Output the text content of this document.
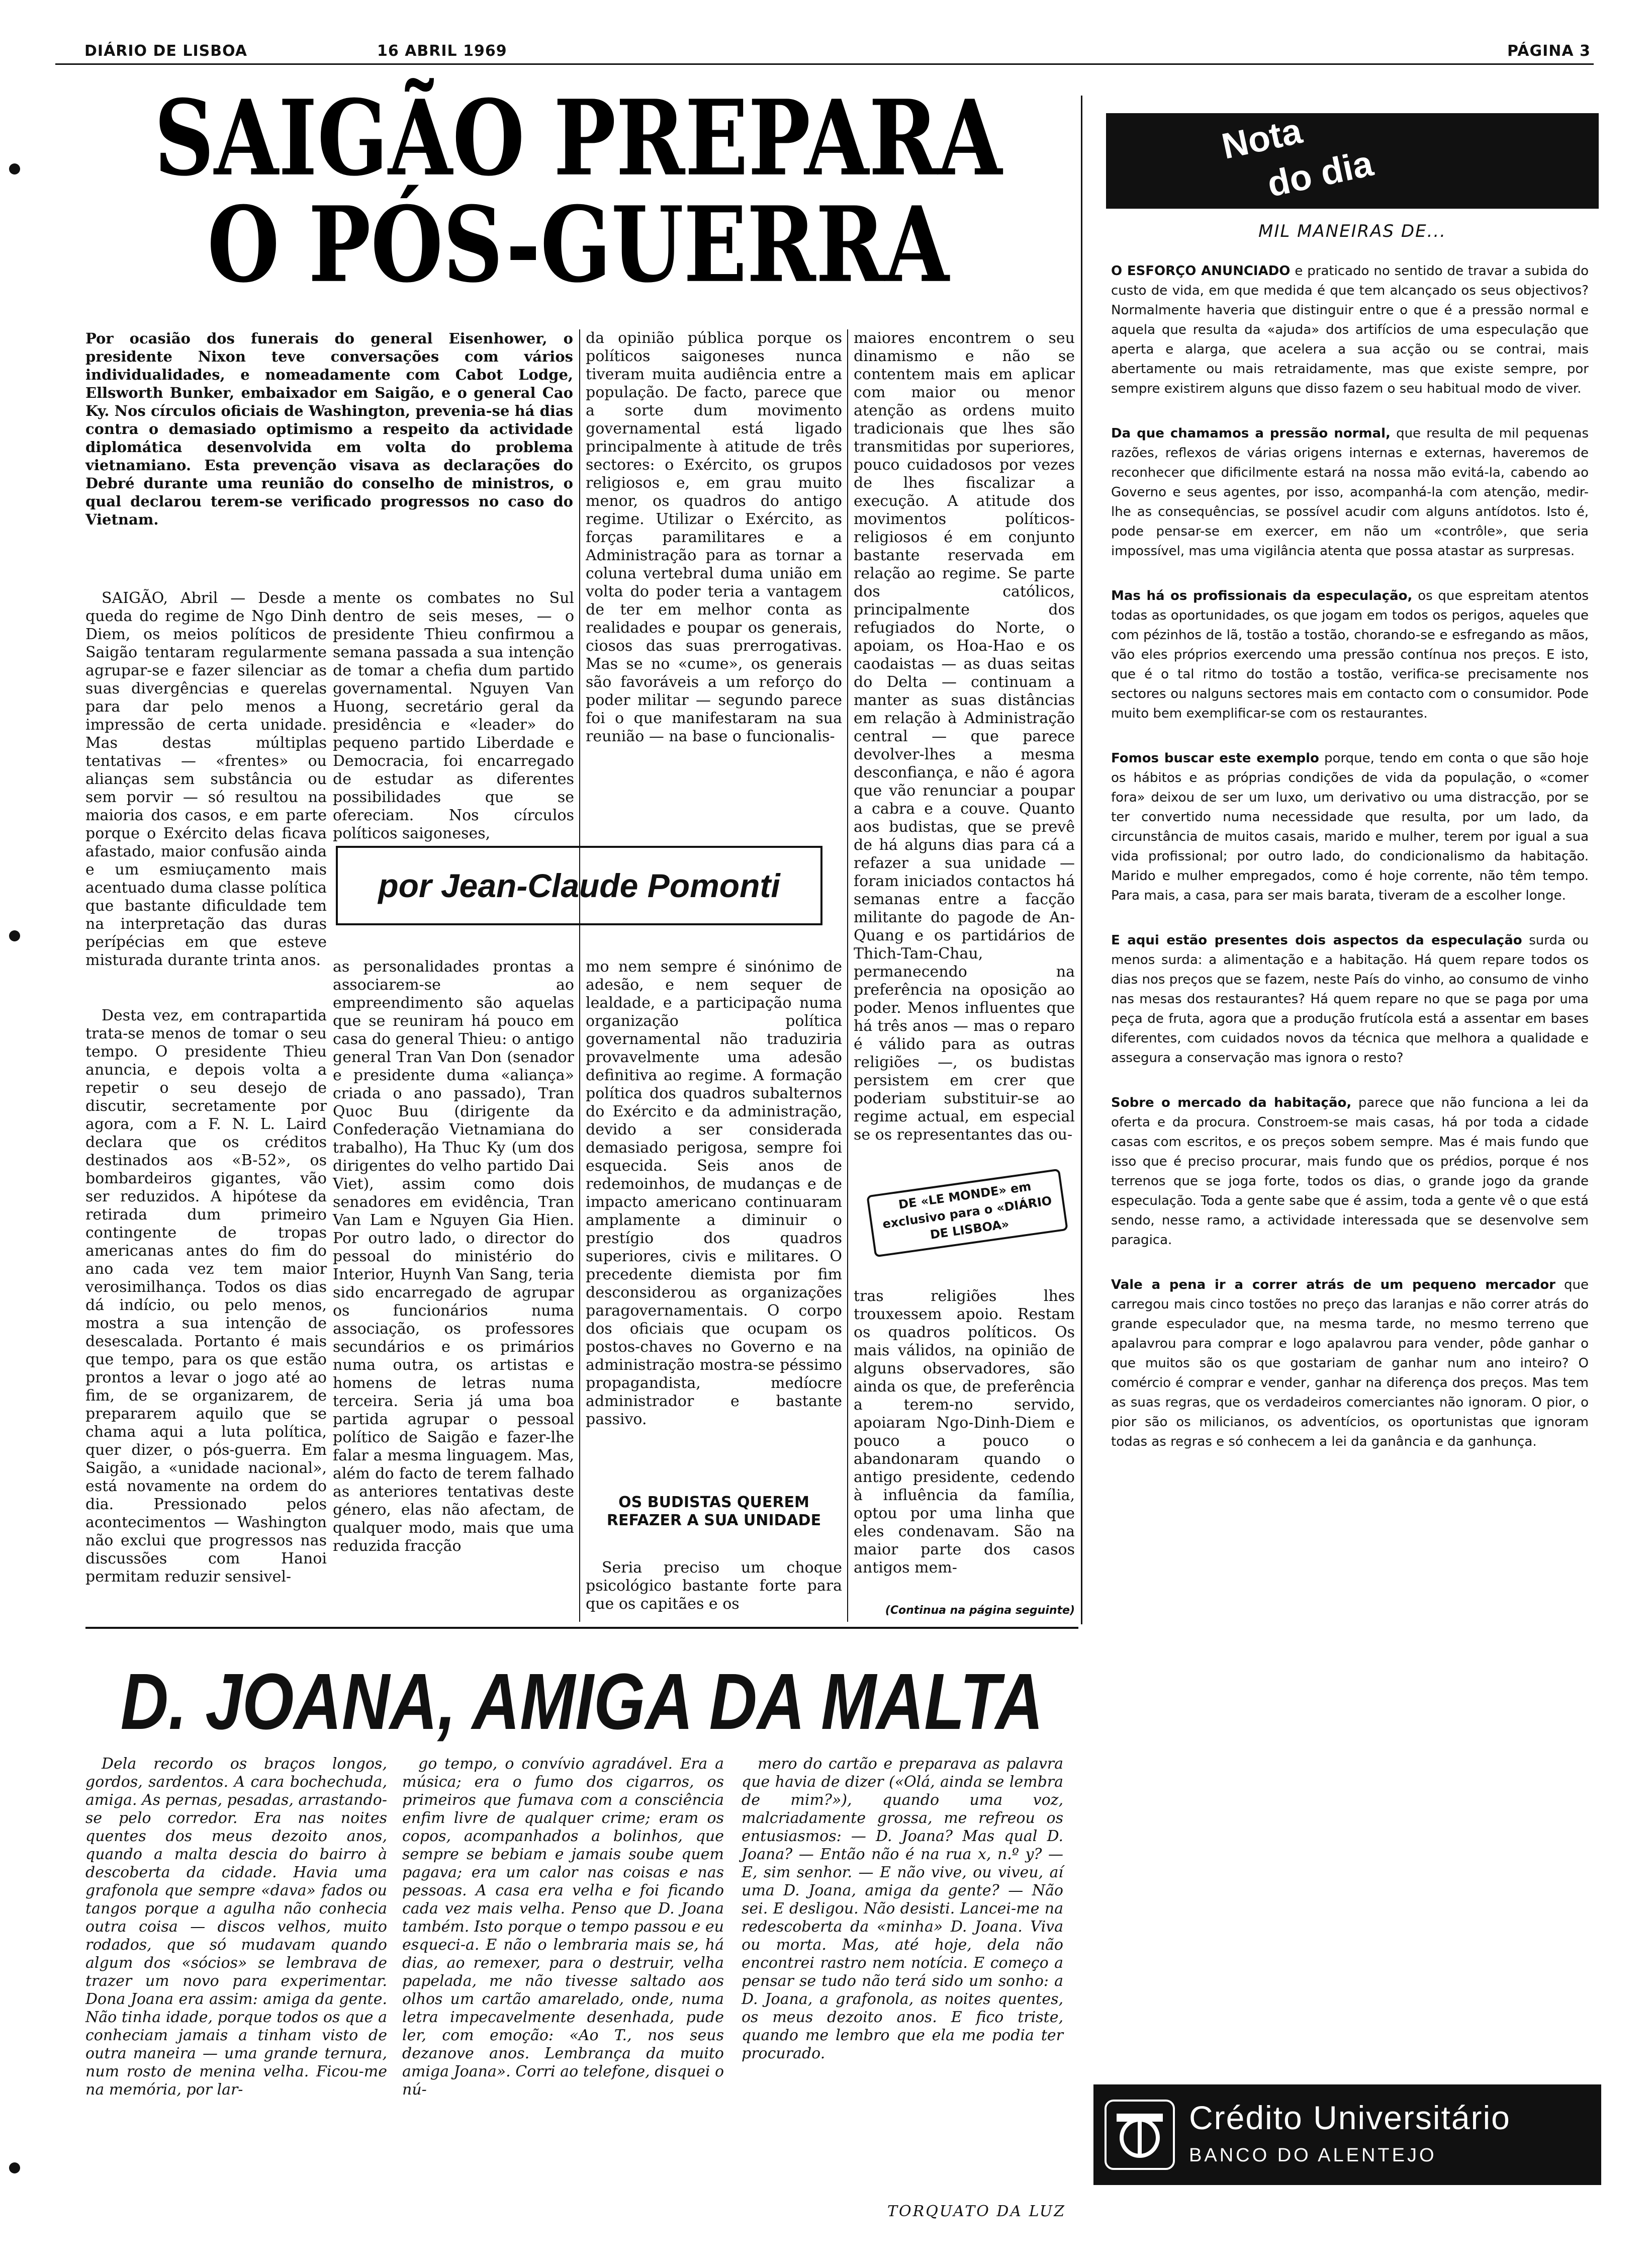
DIÁRIO DE LISBOA	16 ABRIL 1969	PÁGINA 3
SAIGÃO PREPARA
O PÓS-GUERRA
Por ocasião dos funerais do general Eisenhower, o presidente Nixon teve conversações com vários individualidades, e nomeadamente com Cabot Lodge, Ellsworth Bunker, embaixador em Saigão, e o general Cao Ky. Nos círculos oficiais de Washington, prevenia-se há dias contra o demasiado optimismo a respeito da actividade diplomática desenvolvida em volta do problema vietnamiano. Esta prevenção visava as declarações do Debré durante uma reunião do conselho de ministros, o qual declarou terem-se verificado progressos no caso do Vietnam.

SAIGÃO, Abril — Desde a queda do regime de Ngo Dinh Diem, os meios políticos de Saigão tentaram regularmente agrupar-se e fazer silenciar as suas divergências e querelas para dar pelo menos a impressão de certa unidade. Mas destas múltiplas tentativas — «frentes» ou alianças sem substância ou sem porvir — só resultou na maioria dos casos, e em parte porque o Exército delas ficava afastado, maior confusão ainda e um esmiuçamento mais acentuado duma classe política que bastante dificuldade tem na interpretação das duras perípécias em que esteve misturada durante trinta anos.

Desta vez, em contrapartida trata-se menos de tomar o seu tempo. O presidente Thieu anuncia, e depois volta a repetir o seu desejo de discutir, secretamente por agora, com a F. N. L. Laird declara que os créditos destinados aos «B-52», os bombardeiros gigantes, vão ser reduzidos. A hipótese da retirada dum primeiro contingente de tropas americanas antes do fim do ano cada vez tem maior verosimilhança. Todos os dias dá indício, ou pelo menos, mostra a sua intenção de desescalada. Portanto é mais que tempo, para os que estão prontos a levar o jogo até ao fim, de se organizarem, de prepararem aquilo que se chama aqui a luta política, quer dizer, o pós-guerra. Em Saigão, a «unidade nacional», está novamente na ordem do dia. Pressionado pelos acontecimentos — Washington não exclui que progressos nas discussões com Hanoi permitam reduzir sensivel-

mente os combates no Sul dentro de seis meses, — o presidente Thieu confirmou a semana passada a sua intenção de tomar a chefia dum partido governamental. Nguyen Van Huong, secretário geral da presidência e «leader» do pequeno partido Liberdade e Democracia, foi encarregado de estudar as diferentes possibilidades que se ofereciam. Nos círculos políticos saigoneses,

por Jean-Claude Pomonti

as personalidades prontas a associarem-se ao empreendimento são aquelas que se reuniram há pouco em casa do general Thieu: o antigo general Tran Van Don (senador e presidente duma «aliança» criada o ano passado), Tran Quoc Buu (dirigente da Confederação Vietnamiana do trabalho), Ha Thuc Ky (um dos dirigentes do velho partido Dai Viet), assim como dois senadores em evidência, Tran Van Lam e Nguyen Gia Hien. Por outro lado, o director do pessoal do ministério do Interior, Huynh Van Sang, teria sido encarregado de agrupar os funcionários numa associação, os professores secundários e os primários numa outra, os artistas e homens de letras numa terceira. Seria já uma boa partida agrupar o pessoal político de Saigão e fazer-lhe falar a mesma linguagem. Mas, além do facto de terem falhado as anteriores tentativas deste género, elas não afectam, de qualquer modo, mais que uma reduzida fracção

da opinião pública porque os políticos saigoneses nunca tiveram muita audiência entre a população. De facto, parece que a sorte dum movimento governamental está ligado principalmente à atitude de três sectores: o Exército, os grupos religiosos e, em grau muito menor, os quadros do antigo regime. Utilizar o Exército, as forças paramilitares e a Administração para as tornar a coluna vertebral duma união em volta do poder teria a vantagem de ter em melhor conta as realidades e poupar os generais, ciosos das suas prerrogativas. Mas se no «cume», os generais são favoráveis a um reforço do poder militar — segundo parece foi o que manifestaram na sua reunião — na base o funcionalis-

mo nem sempre é sinónimo de adesão, e nem sequer de lealdade, e a participação numa organização política governamental não traduziria provavelmente uma adesão definitiva ao regime. A formação política dos quadros subalternos do Exército e da administração, devido a ser considerada demasiado perigosa, sempre foi esquecida. Seis anos de redemoinhos, de mudanças e de impacto americano continuaram amplamente a diminuir o prestígio dos quadros superiores, civis e militares. O precedente diemista por fim desconsiderou as organizações paragovernamentais. O corpo dos oficiais que ocupam os postos-chaves no Governo e na administração mostra-se péssimo propagandista, medíocre administrador e bastante passivo.

OS BUDISTAS QUEREM REFAZER A SUA UNIDADE

Seria preciso um choque psicológico bastante forte para que os capitães e os

maiores encontrem o seu dinamismo e não se contentem mais em aplicar com maior ou menor atenção as ordens muito tradicionais que lhes são transmitidas por superiores, pouco cuidadosos por vezes de lhes fiscalizar a execução. A atitude dos movimentos políticos-religiosos é em conjunto bastante reservada em relação ao regime. Se parte dos católicos, principalmente dos refugiados do Norte, o apoiam, os Hoa-Hao e os caodaistas — as duas seitas do Delta — continuam a manter as suas distâncias em relação à Administração central — que parece devolver-lhes a mesma desconfiança, e não é agora que vão renunciar a poupar a cabra e a couve. Quanto aos budistas, que se prevê de há alguns dias para cá a refazer a sua unidade — foram iniciados contactos há semanas entre a facção militante do pagode de An-Quang e os partidários de Thich-Tam-Chau, permanecendo na preferência na oposição ao poder. Menos influentes que há três anos — mas o reparo é válido para as outras religiões —, os budistas persistem em crer que poderiam substituir-se ao regime actual, em especial se os representantes das ou-

DE «LE MONDE» em exclusivo para o «DIÁRIO DE LISBOA»

tras religiões lhes trouxessem apoio. Restam os quadros políticos. Os mais válidos, na opinião de alguns observadores, são ainda os que, de preferência a terem-no servido, apoiaram Ngo-Dinh-Diem e pouco a pouco o abandonaram quando o antigo presidente, cedendo à influência da família, optou por uma linha que eles condenavam. São na maior parte dos casos antigos mem-

(Continua na página seguinte)
D. JOANA, AMIGA DA MALTA

Dela recordo os braços longos, gordos, sardentos. A cara bochechuda, amiga. As pernas, pesadas, arrastando-se pelo corredor. Era nas noites quentes dos meus dezoito anos, quando a malta descia do bairro à descoberta da cidade. Havia uma grafonola que sempre «dava» fados ou tangos porque a agulha não conhecia outra coisa — discos velhos, muito rodados, que só mudavam quando algum dos «sócios» se lembrava de trazer um novo para experimentar. Dona Joana era assim: amiga da gente. Não tinha idade, porque todos os que a conheciam jamais a tinham visto de outra maneira — uma grande ternura, num rosto de menina velha. Ficou-me na memória, por lar-

go tempo, o convívio agradável. Era a música; era o fumo dos cigarros, os primeiros que fumava com a consciência enfim livre de qualquer crime; eram os copos, acompanhados a bolinhos, que sempre se bebiam e jamais soube quem pagava; era um calor nas coisas e nas pessoas. A casa era velha e foi ficando cada vez mais velha. Penso que D. Joana também. Isto porque o tempo passou e eu esqueci-a. E não o lembraria mais se, há dias, ao remexer, para o destruir, velha papelada, me não tivesse saltado aos olhos um cartão amarelado, onde, numa letra impecavelmente desenhada, pude ler, com emoção: «Ao T., nos seus dezanove anos. Lembrança da muito amiga Joana». Corri ao telefone, disquei o nú-

mero do cartão e preparava as palavra que havia de dizer («Olá, ainda se lembra de mim?»), quando uma voz, malcriadamente grossa, me refreou os entusiasmos: — D. Joana? Mas qual D. Joana? — Então não é na rua x, n.º y? — E, sim senhor. — E não vive, ou viveu, aí uma D. Joana, amiga da gente? — Não sei. E desligou. Não desisti. Lancei-me na redescoberta da «minha» D. Joana. Viva ou morta. Mas, até hoje, dela não encontrei rastro nem notícia. E começo a pensar se tudo não terá sido um sonho: a D. Joana, a grafonola, as noites quentes, os meus dezoito anos. E fico triste, quando me lembro que ela me podia ter procurado.

TORQUATO DA LUZ
Nota
do dia
MIL MANEIRAS DE...

O ESFORÇO ANUNCIADO e praticado no sentido de travar a subida do custo de vida, em que medida é que tem alcançado os seus objectivos? Normalmente haveria que distinguir entre o que é a pressão normal e aquela que resulta da «ajuda» dos artifícios de uma especulação que aperta e alarga, que acelera a sua acção ou se contrai, mais abertamente ou mais retraidamente, mas que existe sempre, por sempre existirem alguns que disso fazem o seu habitual modo de viver.

Da que chamamos a pressão normal, que resulta de mil pequenas razões, reflexos de várias origens internas e externas, haveremos de reconhecer que dificilmente estará na nossa mão evitá-la, cabendo ao Governo e seus agentes, por isso, acompanhá-la com atenção, medir-lhe as consequências, se possível acudir com alguns antídotos. Isto é, pode pensar-se em exercer, em não um «contrôle», que seria impossível, mas uma vigilância atenta que possa atastar as surpresas.

Mas há os profissionais da especulação, os que espreitam atentos todas as oportunidades, os que jogam em todos os perigos, aqueles que com pézinhos de lã, tostão a tostão, chorando-se e esfregando as mãos, vão eles próprios exercendo uma pressão contínua nos preços. E isto, que é o tal ritmo do tostão a tostão, verifica-se precisamente nos sectores ou nalguns sectores mais em contacto com o consumidor. Pode muito bem exemplificar-se com os restaurantes.

Fomos buscar este exemplo porque, tendo em conta o que são hoje os hábitos e as próprias condições de vida da população, o «comer fora» deixou de ser um luxo, um derivativo ou uma distracção, por se ter convertido numa necessidade que resulta, por um lado, da circunstância de muitos casais, marido e mulher, terem por igual a sua vida profissional; por outro lado, do condicionalismo da habitação. Marido e mulher empregados, como é hoje corrente, não têm tempo. Para mais, a casa, para ser mais barata, tiveram de a escolher longe.

E aqui estão presentes dois aspectos da especulação surda ou menos surda: a alimentação e a habitação. Há quem repare todos os dias nos preços que se fazem, neste País do vinho, ao consumo de vinho nas mesas dos restaurantes? Há quem repare no que se paga por uma peça de fruta, agora que a produção frutícola está a assentar em bases diferentes, com cuidados novos da técnica que melhora a qualidade e assegura a conservação mas ignora o resto?

Sobre o mercado da habitação, parece que não funciona a lei da oferta e da procura. Constroem-se mais casas, há por toda a cidade casas com escritos, e os preços sobem sempre. Mas é mais fundo que isso que é preciso procurar, mais fundo que os prédios, porque é nos terrenos que se joga forte, todos os dias, o grande jogo da grande especulação. Toda a gente sabe que é assim, toda a gente vê o que está sendo, nesse ramo, a actividade interessada que se desenvolve sem paragica.

Vale a pena ir a correr atrás de um pequeno mercador que carregou mais cinco tostões no preço das laranjas e não correr atrás do grande especulador que, na mesma tarde, no mesmo terreno que apalavrou para comprar e logo apalavrou para vender, pôde ganhar o que muitos são os que gostariam de ganhar num ano inteiro? O comércio é comprar e vender, ganhar na diferença dos preços. Mas tem as suas regras, que os verdadeiros comerciantes não ignoram. O pior, o pior são os milicianos, os adventícios, os oportunistas que ignoram todas as regras e só conhecem a lei da ganância e da ganhunça.

Crédito Universitário
BANCO DO ALENTEJO
